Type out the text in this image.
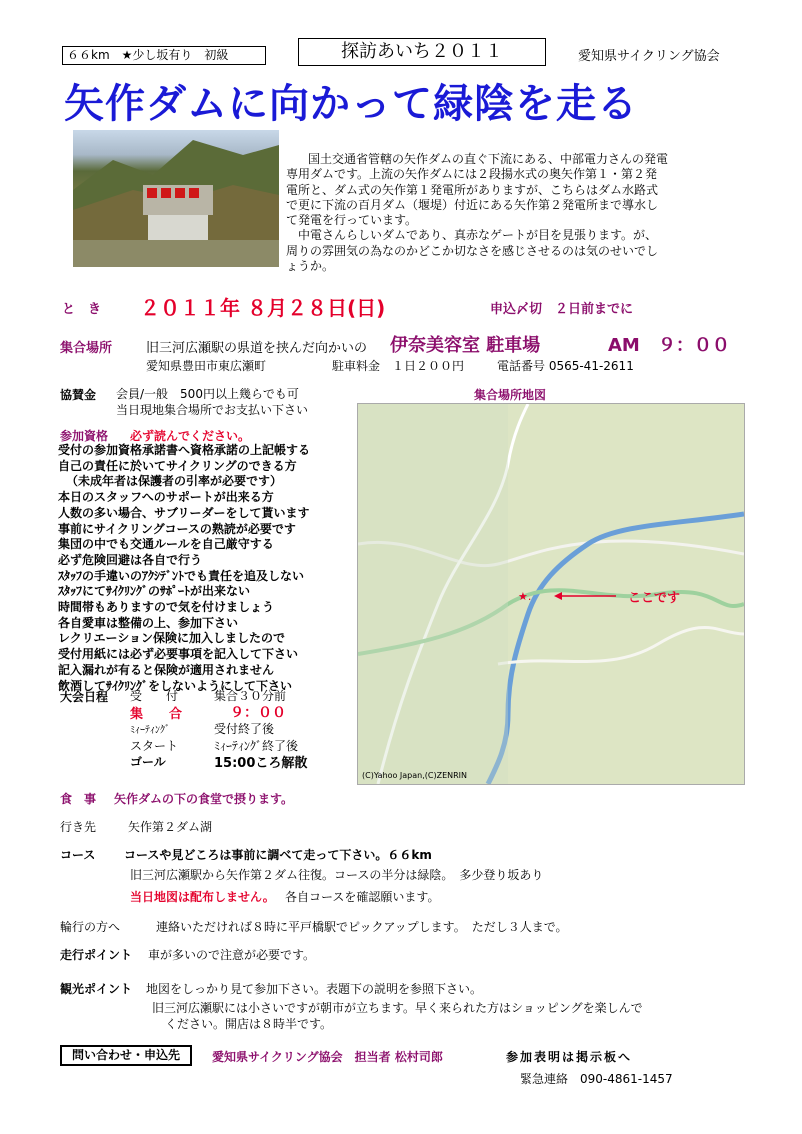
６６km　★少し坂有り　初級	探訪あいち２０１１	愛知県サイクリング協会
矢作ダムに向かって緑陰を走る
国土交通省管轄の矢作ダムの直ぐ下流にある、中部電力さんの発電
専用ダムです。上流の矢作ダムには２段揚水式の奥矢作第１・第２発
電所と、ダム式の矢作第１発電所がありますが、こちらはダム水路式
で更に下流の百月ダム（堰堤）付近にある矢作第２発電所まで導水し
て発電を行っています。
中電さんらしいダムであり、真赤なゲートが目を見張ります。が、
周りの雰囲気の為なのかどこか切なさを感じさせるのは気のせいでし
ょうか。
と　き ２０１１年 ８月２８日(日)	申込〆切　２日前までに
集合場所	旧三河広瀬駅の県道を挟んだ向かいの 伊奈美容室 駐車場	AM　９：００
愛知県豊田市東広瀬町	駐車料金　１日２００円	電話番号 0565-41-2611
協賛金 会員/一般　500円以上幾らでも可
当日現地集合場所でお支払い下さい
集合場所地図
★.	ここです
(C)Yahoo Japan,(C)ZENRIN
参加資格 必ず読んでください。
受付の参加資格承諾書へ資格承諾の上記帳する
自己の責任に於いてサイクリングのできる方
（未成年者は保護者の引率が必要です）
本日のスタッフへのサポートが出来る方
人数の多い場合、サブリーダーをして貰います
事前にサイクリングコースの熟読が必要です
集団の中でも交通ルールを自己厳守する
必ず危険回避は各自で行う
ｽﾀｯﾌの手違いのｱｸｼﾃﾞﾝﾄでも責任を追及しない
ｽﾀｯﾌにてｻｲｸﾘﾝｸﾞのｻﾎﾟｰﾄが出来ない
時間帯もありますので気を付けましょう
各自愛車は整備の上、参加下さい
レクリエーション保険に加入しましたので
受付用紙には必ず必要事項を記入して下さい
記入漏れが有ると保険が適用されません
飲酒してｻｲｸﾘﾝｸﾞをしないようにして下さい
大会日程 受　　付	集合３０分前
集　　合	９：００
ﾐｨｰﾃｨﾝｸﾞ	受付終了後
スタート	ﾐｨｰﾃｨﾝｸﾞ終了後
ゴール	15:00ころ解散
食　事 矢作ダムの下の食堂で摂ります。
行き先	矢作第２ダム湖
コース コースや見どころは事前に調べて走って下さい。６６km
旧三河広瀬駅から矢作第２ダム往復。コースの半分は緑陰。　多少登り坂あり
当日地図は配布しません。 各自コースを確認願います。
輪行の方へ	連絡いただければ８時に平戸橋駅でピックアップします。　ただし３人まで。
走行ポイント 車が多いので注意が必要です。
観光ポイント 地図をしっかり見て参加下さい。表題下の説明を参照下さい。
旧三河広瀬駅には小さいですが朝市が立ちます。早く来られた方はショッピングを楽しんで
ください。開店は８時半です。
問い合わせ・申込先	愛知県サイクリング協会　担当者 松村司郎	参加表明は掲示板へ
緊急連絡　090-4861-1457
